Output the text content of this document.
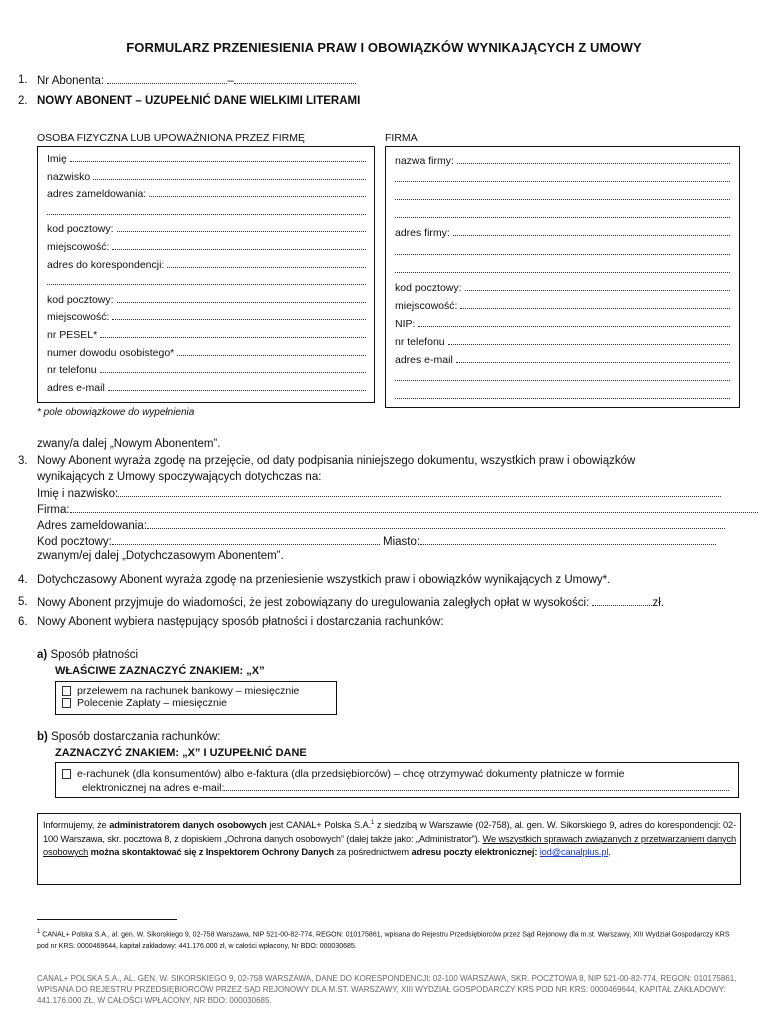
FORMULARZ PRZENIESIENIA PRAW I OBOWIĄZKÓW WYNIKAJĄCYCH Z UMOWY
1. Nr Abonenta:	–
2. NOWY ABONENT – UZUPEŁNIĆ DANE WIELKIMI LITERAMI
OSOBA FIZYCZNA LUB UPOWAŻNIONA PRZEZ FIRMĘ	FIRMA
Imię
nazwisko
adres zameldowania:
kod pocztowy:
miejscowość:
adres do korespondencji:
kod pocztowy:
miejscowość:
nr PESEL*
numer dowodu osobistego*
nr telefonu
adres e-mail
nazwa firmy:
adres firmy:
kod pocztowy:
miejscowość:
NIP:
nr telefonu
adres e-mail
* pole obowiązkowe do wypełnienia
zwany/a dalej „Nowym Abonentem”.
3. Nowy Abonent wyraża zgodę na przejęcie, od daty podpisania niniejszego dokumentu, wszystkich praw i obowiązków
wynikających z Umowy spoczywających dotychczas na:
Imię i nazwisko:
Firma:
Adres zameldowania:
Kod pocztowy:	Miasto:
zwanym/ej dalej „Dotychczasowym Abonentem”.
4. Dotychczasowy Abonent wyraża zgodę na przeniesienie wszystkich praw i obowiązków wynikających z Umowy*.
5. Nowy Abonent przyjmuje do wiadomości, że jest zobowiązany do uregulowania zaległych opłat w wysokości:	zł.
6. Nowy Abonent wybiera następujący sposób płatności i dostarczania rachunków:
a) Sposób płatności
WŁAŚCIWE ZAZNACZYĆ ZNAKIEM: „X”
przelewem na rachunek bankowy – miesięcznie
Polecenie Zapłaty – miesięcznie
b) Sposób dostarczania rachunków:
ZAZNACZYĆ ZNAKIEM: „X” I UZUPEŁNIĆ DANE
e-rachunek (dla konsumentów) albo e-faktura (dla przedsiębiorców) – chcę otrzymywać dokumenty płatnicze w formie
elektronicznej na adres e-mail:
Informujemy, że administratorem danych osobowych jest CANAL+ Polska S.A.$^1$ z siedzibą w Warszawie (02-758), al. gen. W. Sikorskiego 9, adres do korespondencji: 02-100 Warszawa, skr. pocztowa 8, z dopiskiem „Ochrona danych osobowych” (dalej także jako: „Administrator”). We wszystkich sprawach związanych z przetwarzaniem danych osobowych można skontaktować się z Inspektorem Ochrony Danych za pośrednictwem adresu poczty elektronicznej: iod@canalplus.pl.
$^1$ CANAL+ Polska S.A., al. gen. W. Sikorskiego 9, 02-758 Warszawa, NIP 521-00-82-774, REGON: 010175861, wpisana do Rejestru Przedsiębiorców przez Sąd Rejonowy dla m.st. Warszawy, XIII Wydział Gospodarczy KRS pod nr KRS: 0000469644, kapitał zakładowy: 441.176.000 zł, w całości wpłacony, Nr BDO: 000030685.
CANAL+ POLSKA S.A., AL. GEN. W. SIKORSKIEGO 9, 02-758 WARSZAWA, DANE DO KORESPONDENCJI: 02-100 WARSZAWA, SKR. POCZTOWA 8, NIP 521-00-82-774, REGON: 010175861, WPISANA DO REJESTRU PRZEDSIĘBIORCÓW PRZEZ SĄD REJONOWY DLA M.ST. WARSZAWY, XIII WYDZIAŁ GOSPODARCZY KRS POD NR KRS: 0000469644, KAPITAŁ ZAKŁADOWY: 441.176.000 ZŁ, W CAŁOŚCI WPŁACONY, NR BDO: 000030685.
